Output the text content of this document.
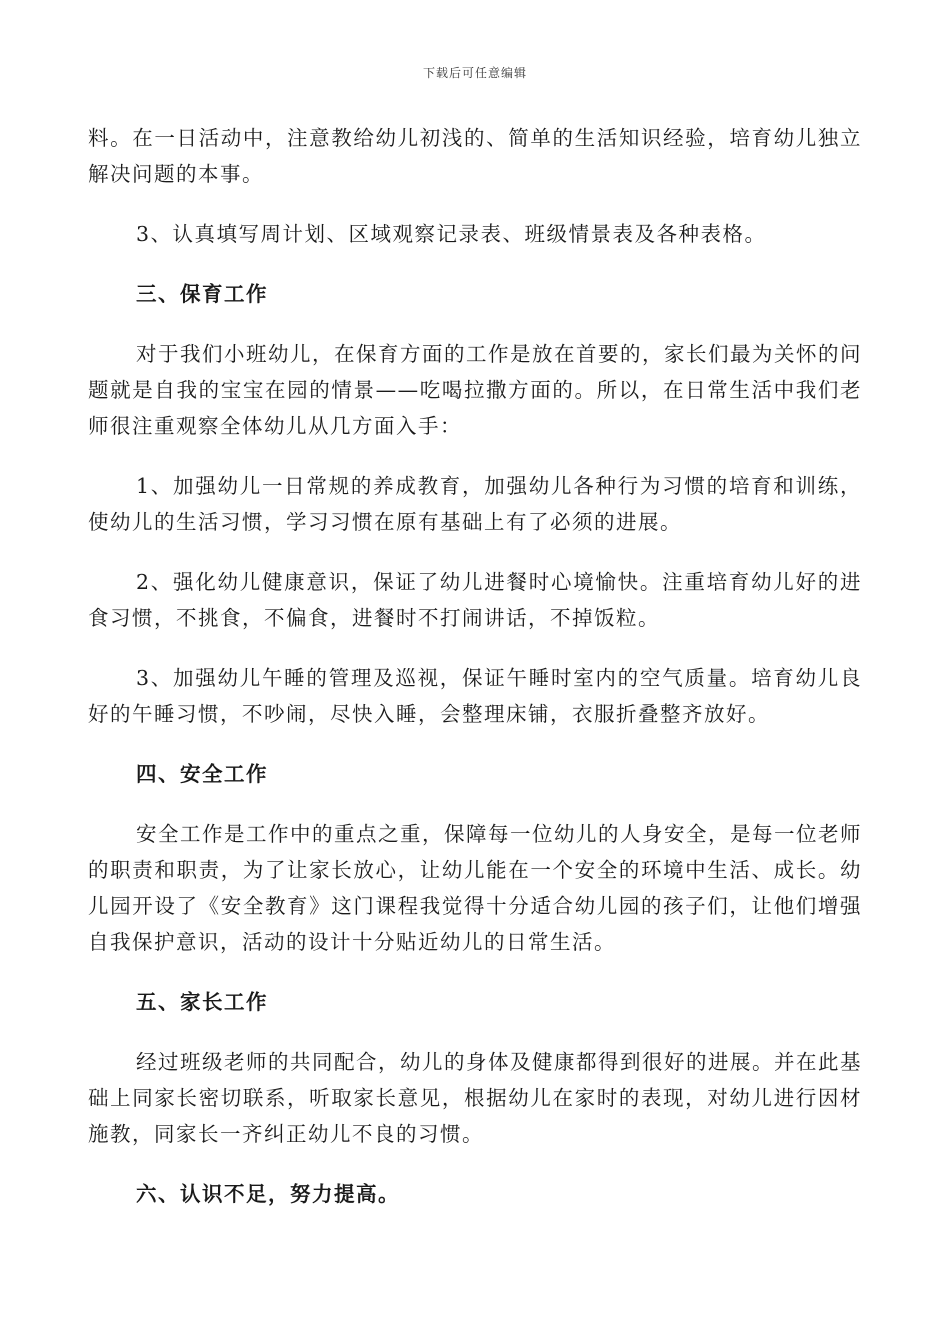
下载后可任意编辑

料。在一日活动中，注意教给幼儿初浅的、简单的生活知识经验，培育幼儿独立解决问题的本事。

3、认真填写周计划、区域观察记录表、班级情景表及各种表格。

三、保育工作

对于我们小班幼儿，在保育方面的工作是放在首要的，家长们最为关怀的问题就是自我的宝宝在园的情景——吃喝拉撒方面的。所以，在日常生活中我们老师很注重观察全体幼儿从几方面入手：

1、加强幼儿一日常规的养成教育，加强幼儿各种行为习惯的培育和训练，使幼儿的生活习惯，学习习惯在原有基础上有了必须的进展。

2、强化幼儿健康意识，保证了幼儿进餐时心境愉快。注重培育幼儿好的进食习惯，不挑食，不偏食，进餐时不打闹讲话，不掉饭粒。

3、加强幼儿午睡的管理及巡视，保证午睡时室内的空气质量。培育幼儿良好的午睡习惯，不吵闹，尽快入睡，会整理床铺，衣服折叠整齐放好。

四、安全工作

安全工作是工作中的重点之重，保障每一位幼儿的人身安全，是每一位老师的职责和职责，为了让家长放心，让幼儿能在一个安全的环境中生活、成长。幼儿园开设了《安全教育》这门课程我觉得十分适合幼儿园的孩子们，让他们增强自我保护意识，活动的设计十分贴近幼儿的日常生活。

五、家长工作

经过班级老师的共同配合，幼儿的身体及健康都得到很好的进展。并在此基础上同家长密切联系，听取家长意见，根据幼儿在家时的表现，对幼儿进行因材施教，同家长一齐纠正幼儿不良的习惯。

六、认识不足，努力提高。
